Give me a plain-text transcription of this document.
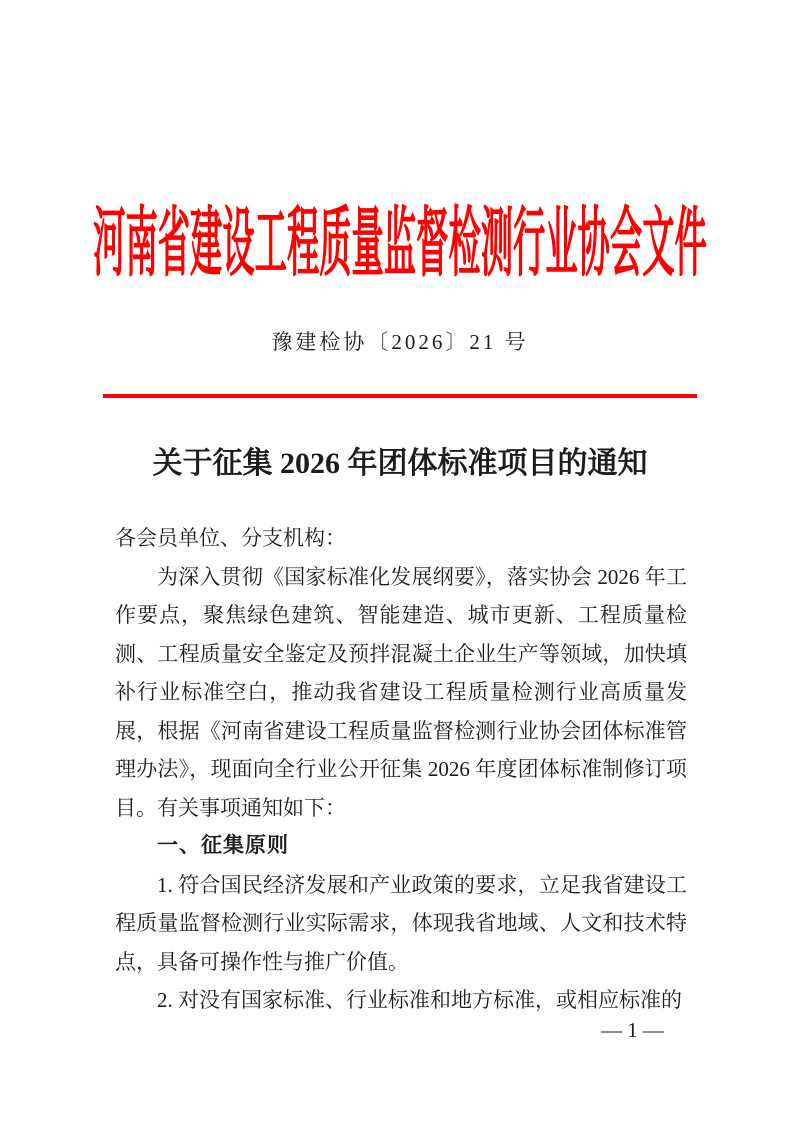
河南省建设工程质量监督检测行业协会文件
豫建检协〔2026〕21 号
关于征集 2026 年团体标准项目的通知

各会员单位、分支机构：

为深入贯彻《国家标准化发展纲要》，落实协会 2026 年工作要点，聚焦绿色建筑、智能建造、城市更新、工程质量检测、工程质量安全鉴定及预拌混凝土企业生产等领域，加快填补行业标准空白，推动我省建设工程质量检测行业高质量发展，根据《河南省建设工程质量监督检测行业协会团体标准管理办法》，现面向全行业公开征集 2026 年度团体标准制修订项目。有关事项通知如下：

一、征集原则

1. 符合国民经济发展和产业政策的要求，立足我省建设工程质量监督检测行业实际需求，体现我省地域、人文和技术特点，具备可操作性与推广价值。

2. 对没有国家标准、行业标准和地方标准，或相应标准的

— 1 —
